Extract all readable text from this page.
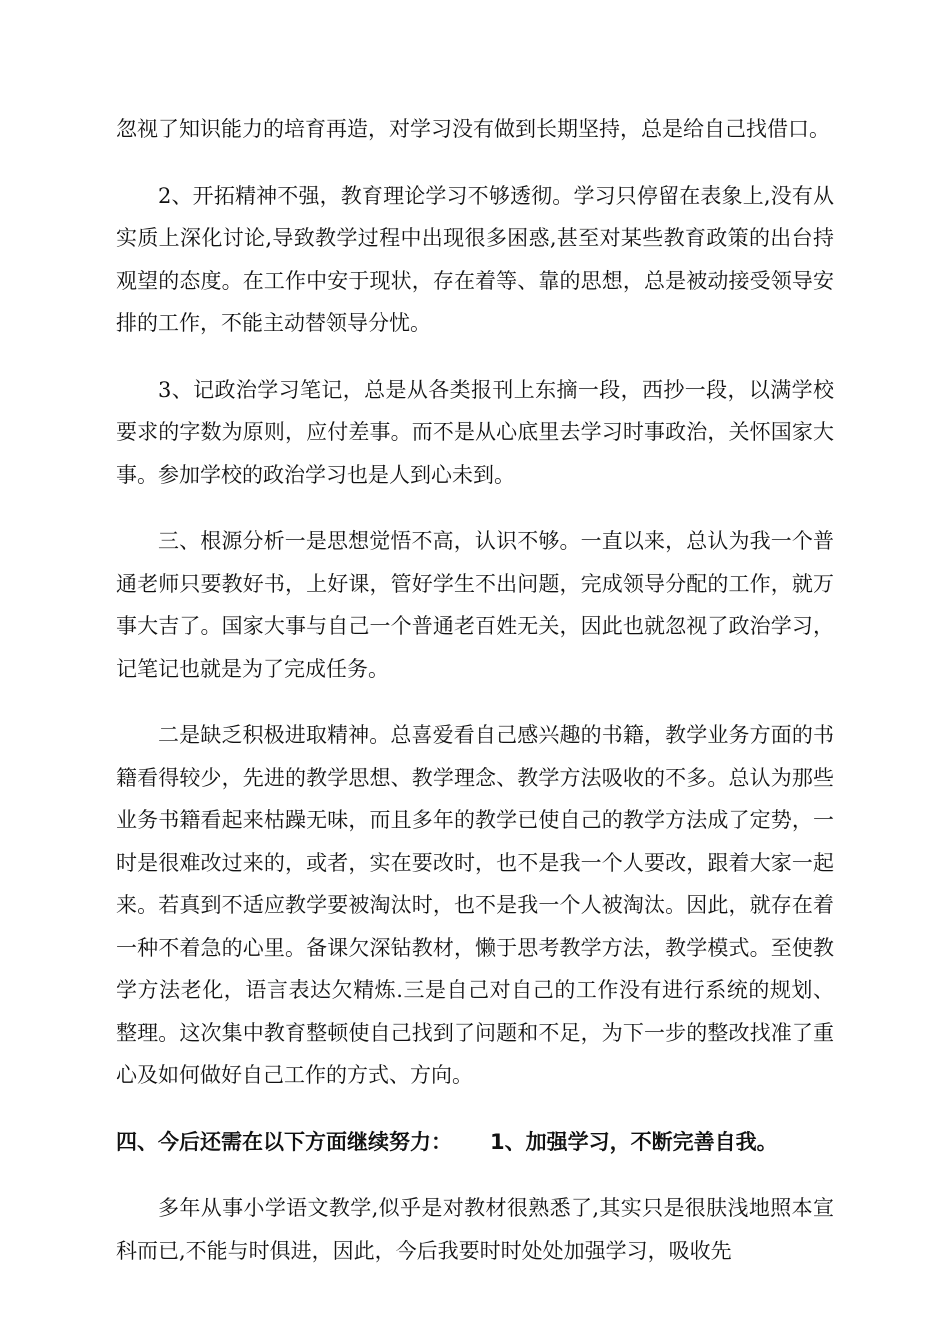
忽视了知识能力的培育再造，对学习没有做到长期坚持，总是给自己找借口。

2、开拓精神不强，教育理论学习不够透彻。学习只停留在表象上,没有从实质上深化讨论,导致教学过程中出现很多困惑,甚至对某些教育政策的出台持观望的态度。在工作中安于现状，存在着等、靠的思想，总是被动接受领导安排的工作，不能主动替领导分忧。

3、记政治学习笔记，总是从各类报刊上东摘一段，西抄一段，以满学校要求的字数为原则，应付差事。而不是从心底里去学习时事政治，关怀国家大事。参加学校的政治学习也是人到心未到。

三、根源分析一是思想觉悟不高，认识不够。一直以来，总认为我一个普通老师只要教好书，上好课，管好学生不出问题，完成领导分配的工作，就万事大吉了。国家大事与自己一个普通老百姓无关，因此也就忽视了政治学习，记笔记也就是为了完成任务。

二是缺乏积极进取精神。总喜爱看自己感兴趣的书籍，教学业务方面的书籍看得较少，先进的教学思想、教学理念、教学方法吸收的不多。总认为那些业务书籍看起来枯躁无味，而且多年的教学已使自己的教学方法成了定势，一时是很难改过来的，或者，实在要改时，也不是我一个人要改，跟着大家一起来。若真到不适应教学要被淘汰时，也不是我一个人被淘汰。因此，就存在着一种不着急的心里。备课欠深钻教材，懒于思考教学方法，教学模式。至使教学方法老化，语言表达欠精炼.三是自己对自己的工作没有进行系统的规划、整理。这次集中教育整顿使自己找到了问题和不足，为下一步的整改找准了重心及如何做好自己工作的方式、方向。

四、今后还需在以下方面继续努力： 1、加强学习，不断完善自我。

多年从事小学语文教学,似乎是对教材很熟悉了,其实只是很肤浅地照本宣科而已,不能与时俱进，因此，今后我要时时处处加强学习，吸收先
